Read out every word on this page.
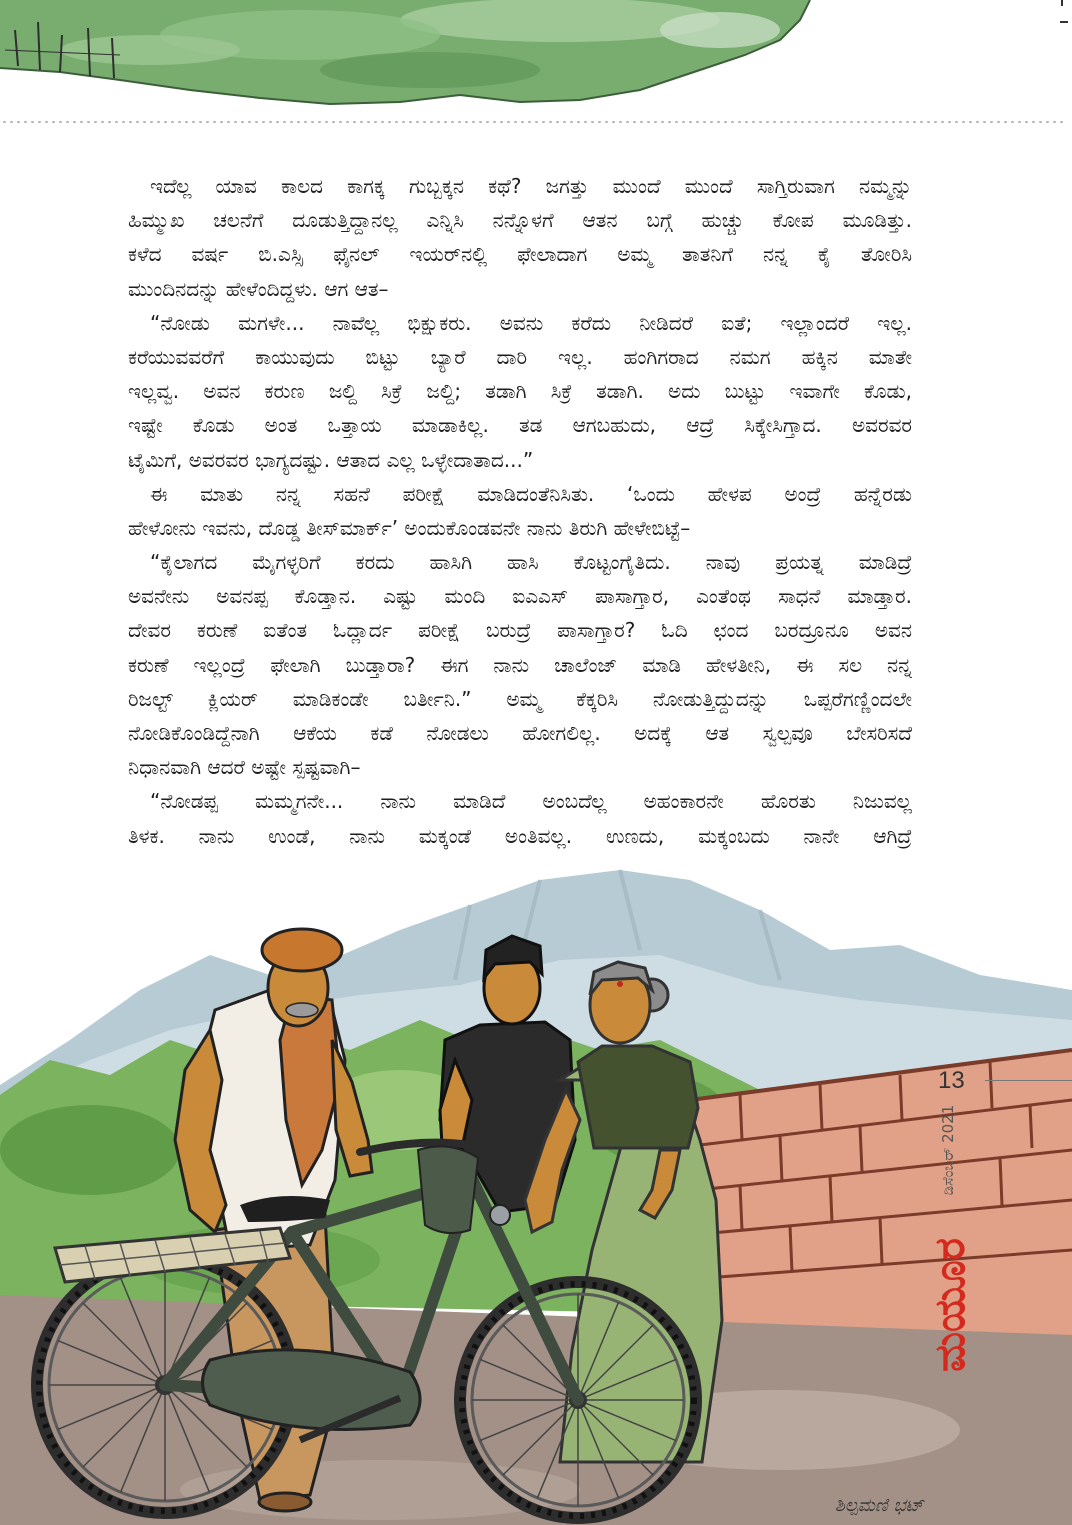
ಇದೆಲ್ಲ ಯಾವ ಕಾಲದ ಕಾಗಕ್ಕ ಗುಬ್ಬಕ್ಕನ ಕಥೆ? ಜಗತ್ತು ಮುಂದೆ ಮುಂದೆ ಸಾಗ್ತಿರುವಾಗ ನಮ್ಮನ್ನು
ಹಿಮ್ಮುಖ ಚಲನೆಗೆ ದೂಡುತ್ತಿದ್ದಾನಲ್ಲ ಎನ್ನಿಸಿ ನನ್ನೊಳಗೆ ಆತನ ಬಗ್ಗೆ ಹುಚ್ಚು ಕೋಪ ಮೂಡಿತ್ತು.
ಕಳೆದ ವರ್ಷ ಬಿ.ಎಸ್ಸಿ ಫೈನಲ್ ಇಯರ್‌ನಲ್ಲಿ ಫೇಲಾದಾಗ ಅಮ್ಮ ತಾತನಿಗೆ ನನ್ನ ಕೈ ತೋರಿಸಿ
ಮುಂದಿನದನ್ನು ಹೇಳೆಂದಿದ್ದಳು. ಆಗ ಆತ–
“ನೋಡು ಮಗಳೇ... ನಾವೆಲ್ಲ ಭಿಕ್ಷುಕರು. ಅವನು ಕರೆದು ನೀಡಿದರೆ ಐತೆ; ಇಲ್ಲಾಂದರೆ ಇಲ್ಲ.
ಕರೆಯುವವರೆಗೆ ಕಾಯುವುದು ಬಿಟ್ಟು ಬ್ಯಾರೆ ದಾರಿ ಇಲ್ಲ. ಹಂಗಿಗರಾದ ನಮಗ ಹಕ್ಕಿನ ಮಾತೇ
ಇಲ್ಲವ್ವ. ಅವನ ಕರುಣ ಜಲ್ದಿ ಸಿಕ್ರೆ ಜಲ್ದಿ; ತಡಾಗಿ ಸಿಕ್ರೆ ತಡಾಗಿ. ಅದು ಬುಟ್ಟು ಇವಾಗೇ ಕೊಡು,
ಇಷ್ಟೇ ಕೊಡು ಅಂತ ಒತ್ತಾಯ ಮಾಡಾಕಿಲ್ಲ. ತಡ ಆಗಬಹುದು, ಆದ್ರೆ ಸಿಕ್ಕೇಸಿಗ್ತಾದ. ಅವರವರ
ಟೈಮಿಗೆ, ಅವರವರ ಭಾಗ್ಯದಷ್ಟು. ಆತಾದ ಎಲ್ಲ ಒಳ್ಳೇದಾತಾದ...”
ಈ ಮಾತು ನನ್ನ ಸಹನೆ ಪರೀಕ್ಷೆ ಮಾಡಿದಂತೆನಿಸಿತು. ‘ಒಂದು ಹೇಳಪ ಅಂದ್ರೆ ಹನ್ನೆರಡು
ಹೇಳೋನು ಇವನು, ದೊಡ್ಡ ತೀಸ್‌ಮಾರ್ಕ್’ ಅಂದುಕೊಂಡವನೇ ನಾನು ತಿರುಗಿ ಹೇಳೇಬಿಟ್ಟೆ–
“ಕೈಲಾಗದ ಮೈಗಳ್ಳರಿಗೆ ಕರದು ಹಾಸಿಗಿ ಹಾಸಿ ಕೊಟ್ಟಂಗೈತಿದು. ನಾವು ಪ್ರಯತ್ನ ಮಾಡಿದ್ರೆ
ಅವನೇನು ಅವನಪ್ಪ ಕೊಡ್ತಾನ. ಎಷ್ಟು ಮಂದಿ ಐಎಎಸ್ ಪಾಸಾಗ್ತಾರ, ಎಂತೆಂಥ ಸಾಧನೆ ಮಾಡ್ತಾರ.
ದೇವರ ಕರುಣೆ ಐತೆಂತ ಓದ್ಲಾರ್ದ ಪರೀಕ್ಷೆ ಬರುದ್ರೆ ಪಾಸಾಗ್ತಾರ? ಓದಿ ಛಂದ ಬರದ್ರೂನೂ ಅವನ
ಕರುಣೆ ಇಲ್ಲಂದ್ರೆ ಫೇಲಾಗಿ ಬುಡ್ತಾರಾ? ಈಗ ನಾನು ಚಾಲೆಂಜ್ ಮಾಡಿ ಹೇಳತೀನಿ, ಈ ಸಲ ನನ್ನ
ರಿಜಲ್ಟ್ ಕ್ಲಿಯರ್ ಮಾಡಿಕಂಡೇ ಬರ್ತೀನಿ.” ಅಮ್ಮ ಕೆಕ್ಕರಿಸಿ ನೋಡುತ್ತಿದ್ದುದನ್ನು ಒಪ್ಪರೆಗಣ್ಣಿಂದಲೇ
ನೋಡಿಕೊಂಡಿದ್ದೆನಾಗಿ ಆಕೆಯ ಕಡೆ ನೋಡಲು ಹೋಗಲಿಲ್ಲ. ಅದಕ್ಕೆ ಆತ ಸ್ವಲ್ಪವೂ ಬೇಸರಿಸದೆ
ನಿಧಾನವಾಗಿ ಆದರೆ ಅಷ್ಟೇ ಸ್ಪಷ್ಟವಾಗಿ–
“ನೋಡಪ್ಪ ಮಮ್ಮಗನೇ... ನಾನು ಮಾಡಿದೆ ಅಂಬದೆಲ್ಲ ಅಹಂಕಾರನೇ ಹೊರತು ನಿಜುವಲ್ಲ
ತಿಳಕ. ನಾನು ಉಂಡೆ, ನಾನು ಮಕ್ಕಂಡೆ ಅಂತಿವಲ್ಲ. ಉಣದು, ಮಕ್ಕಂಬದು ನಾನೇ ಆಗಿದ್ರೆ
13
ಡಿಸೆಂಬರ್ 2021
ಮಯೂರ
ಶಿಲ್ಪಮಣಿ ಭಟ್
